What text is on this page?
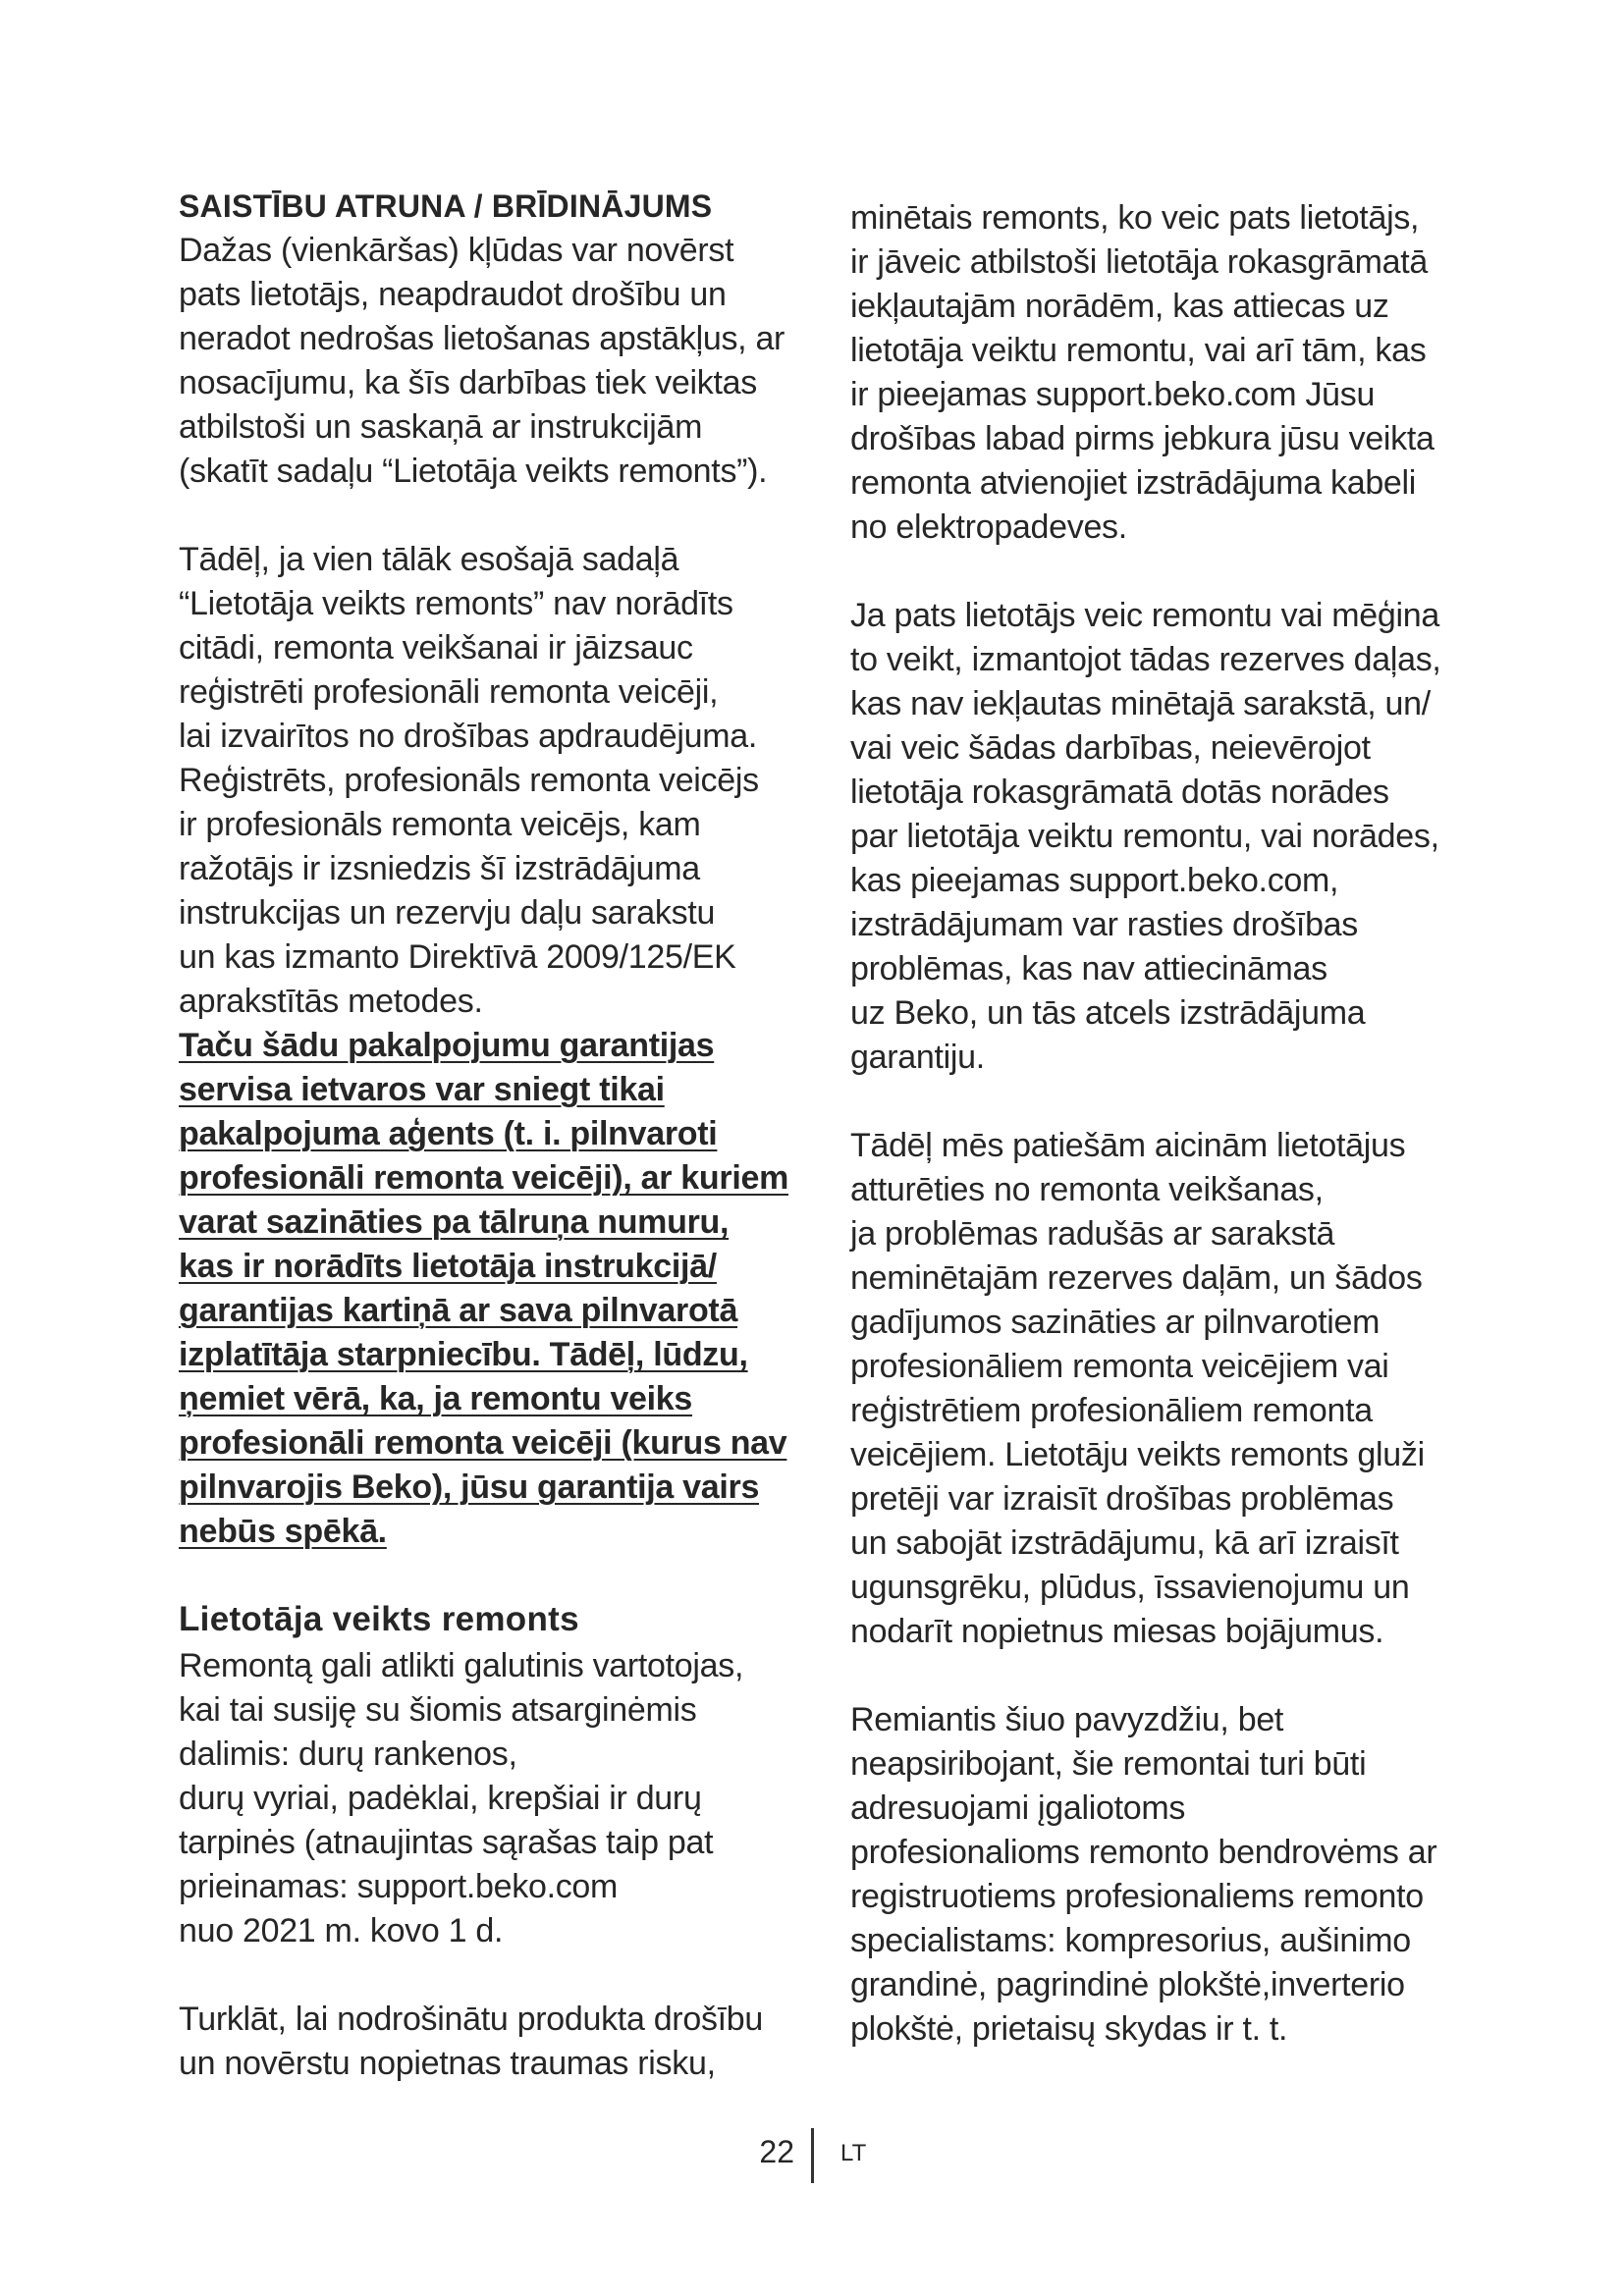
SAISTĪBU ATRUNA / BRĪDINĀJUMS
Dažas (vienkāršas) kļūdas var novērst
pats lietotājs, neapdraudot drošību un
neradot nedrošas lietošanas apstākļus, ar
nosacījumu, ka šīs darbības tiek veiktas
atbilstoši un saskaņā ar instrukcijām
(skatīt sadaļu “Lietotāja veikts remonts”).
Tādēļ, ja vien tālāk esošajā sadaļā
“Lietotāja veikts remonts” nav norādīts
citādi, remonta veikšanai ir jāizsauc
reģistrēti profesionāli remonta veicēji,
lai izvairītos no drošības apdraudējuma.
Reģistrēts, profesionāls remonta veicējs
ir profesionāls remonta veicējs, kam
ražotājs ir izsniedzis šī izstrādājuma
instrukcijas un rezervju daļu sarakstu
un kas izmanto Direktīvā 2009/125/EK
aprakstītās metodes.
Taču šādu pakalpojumu garantijas
servisa ietvaros var sniegt tikai
pakalpojuma aģents (t. i. pilnvaroti
profesionāli remonta veicēji), ar kuriem
varat sazināties pa tālruņa numuru,
kas ir norādīts lietotāja instrukcijā/
garantijas kartiņā ar sava pilnvarotā
izplatītāja starpniecību. Tādēļ, lūdzu,
ņemiet vērā, ka, ja remontu veiks
profesionāli remonta veicēji (kurus nav
pilnvarojis Beko), jūsu garantija vairs
nebūs spēkā.
Lietotāja veikts remonts
Remontą gali atlikti galutinis vartotojas,
kai tai susiję su šiomis atsarginėmis
dalimis: durų rankenos,
durų vyriai, padėklai, krepšiai ir durų
tarpinės (atnaujintas sąrašas taip pat
prieinamas: support.beko.com
nuo 2021 m. kovo 1 d.
Turklāt, lai nodrošinātu produkta drošību
un novērstu nopietnas traumas risku,
minētais remonts, ko veic pats lietotājs,
ir jāveic atbilstoši lietotāja rokasgrāmatā
iekļautajām norādēm, kas attiecas uz
lietotāja veiktu remontu, vai arī tām, kas
ir pieejamas support.beko.com Jūsu
drošības labad pirms jebkura jūsu veikta
remonta atvienojiet izstrādājuma kabeli
no elektropadeves.
Ja pats lietotājs veic remontu vai mēģina
to veikt, izmantojot tādas rezerves daļas,
kas nav iekļautas minētajā sarakstā, un/
vai veic šādas darbības, neievērojot
lietotāja rokasgrāmatā dotās norādes
par lietotāja veiktu remontu, vai norādes,
kas pieejamas support.beko.com,
izstrādājumam var rasties drošības
problēmas, kas nav attiecināmas
uz Beko, un tās atcels izstrādājuma
garantiju.
Tādēļ mēs patiešām aicinām lietotājus
atturēties no remonta veikšanas,
ja problēmas radušās ar sarakstā
neminētajām rezerves daļām, un šādos
gadījumos sazināties ar pilnvarotiem
profesionāliem remonta veicējiem vai
reģistrētiem profesionāliem remonta
veicējiem. Lietotāju veikts remonts gluži
pretēji var izraisīt drošības problēmas
un sabojāt izstrādājumu, kā arī izraisīt
ugunsgrēku, plūdus, īssavienojumu un
nodarīt nopietnus miesas bojājumus.
Remiantis šiuo pavyzdžiu, bet
neapsiribojant, šie remontai turi būti
adresuojami įgaliotoms
profesionalioms remonto bendrovėms ar
registruotiems profesionaliems remonto
specialistams: kompresorius, aušinimo
grandinė, pagrindinė plokštė,inverterio
plokštė, prietaisų skydas ir t. t.
22 LT
